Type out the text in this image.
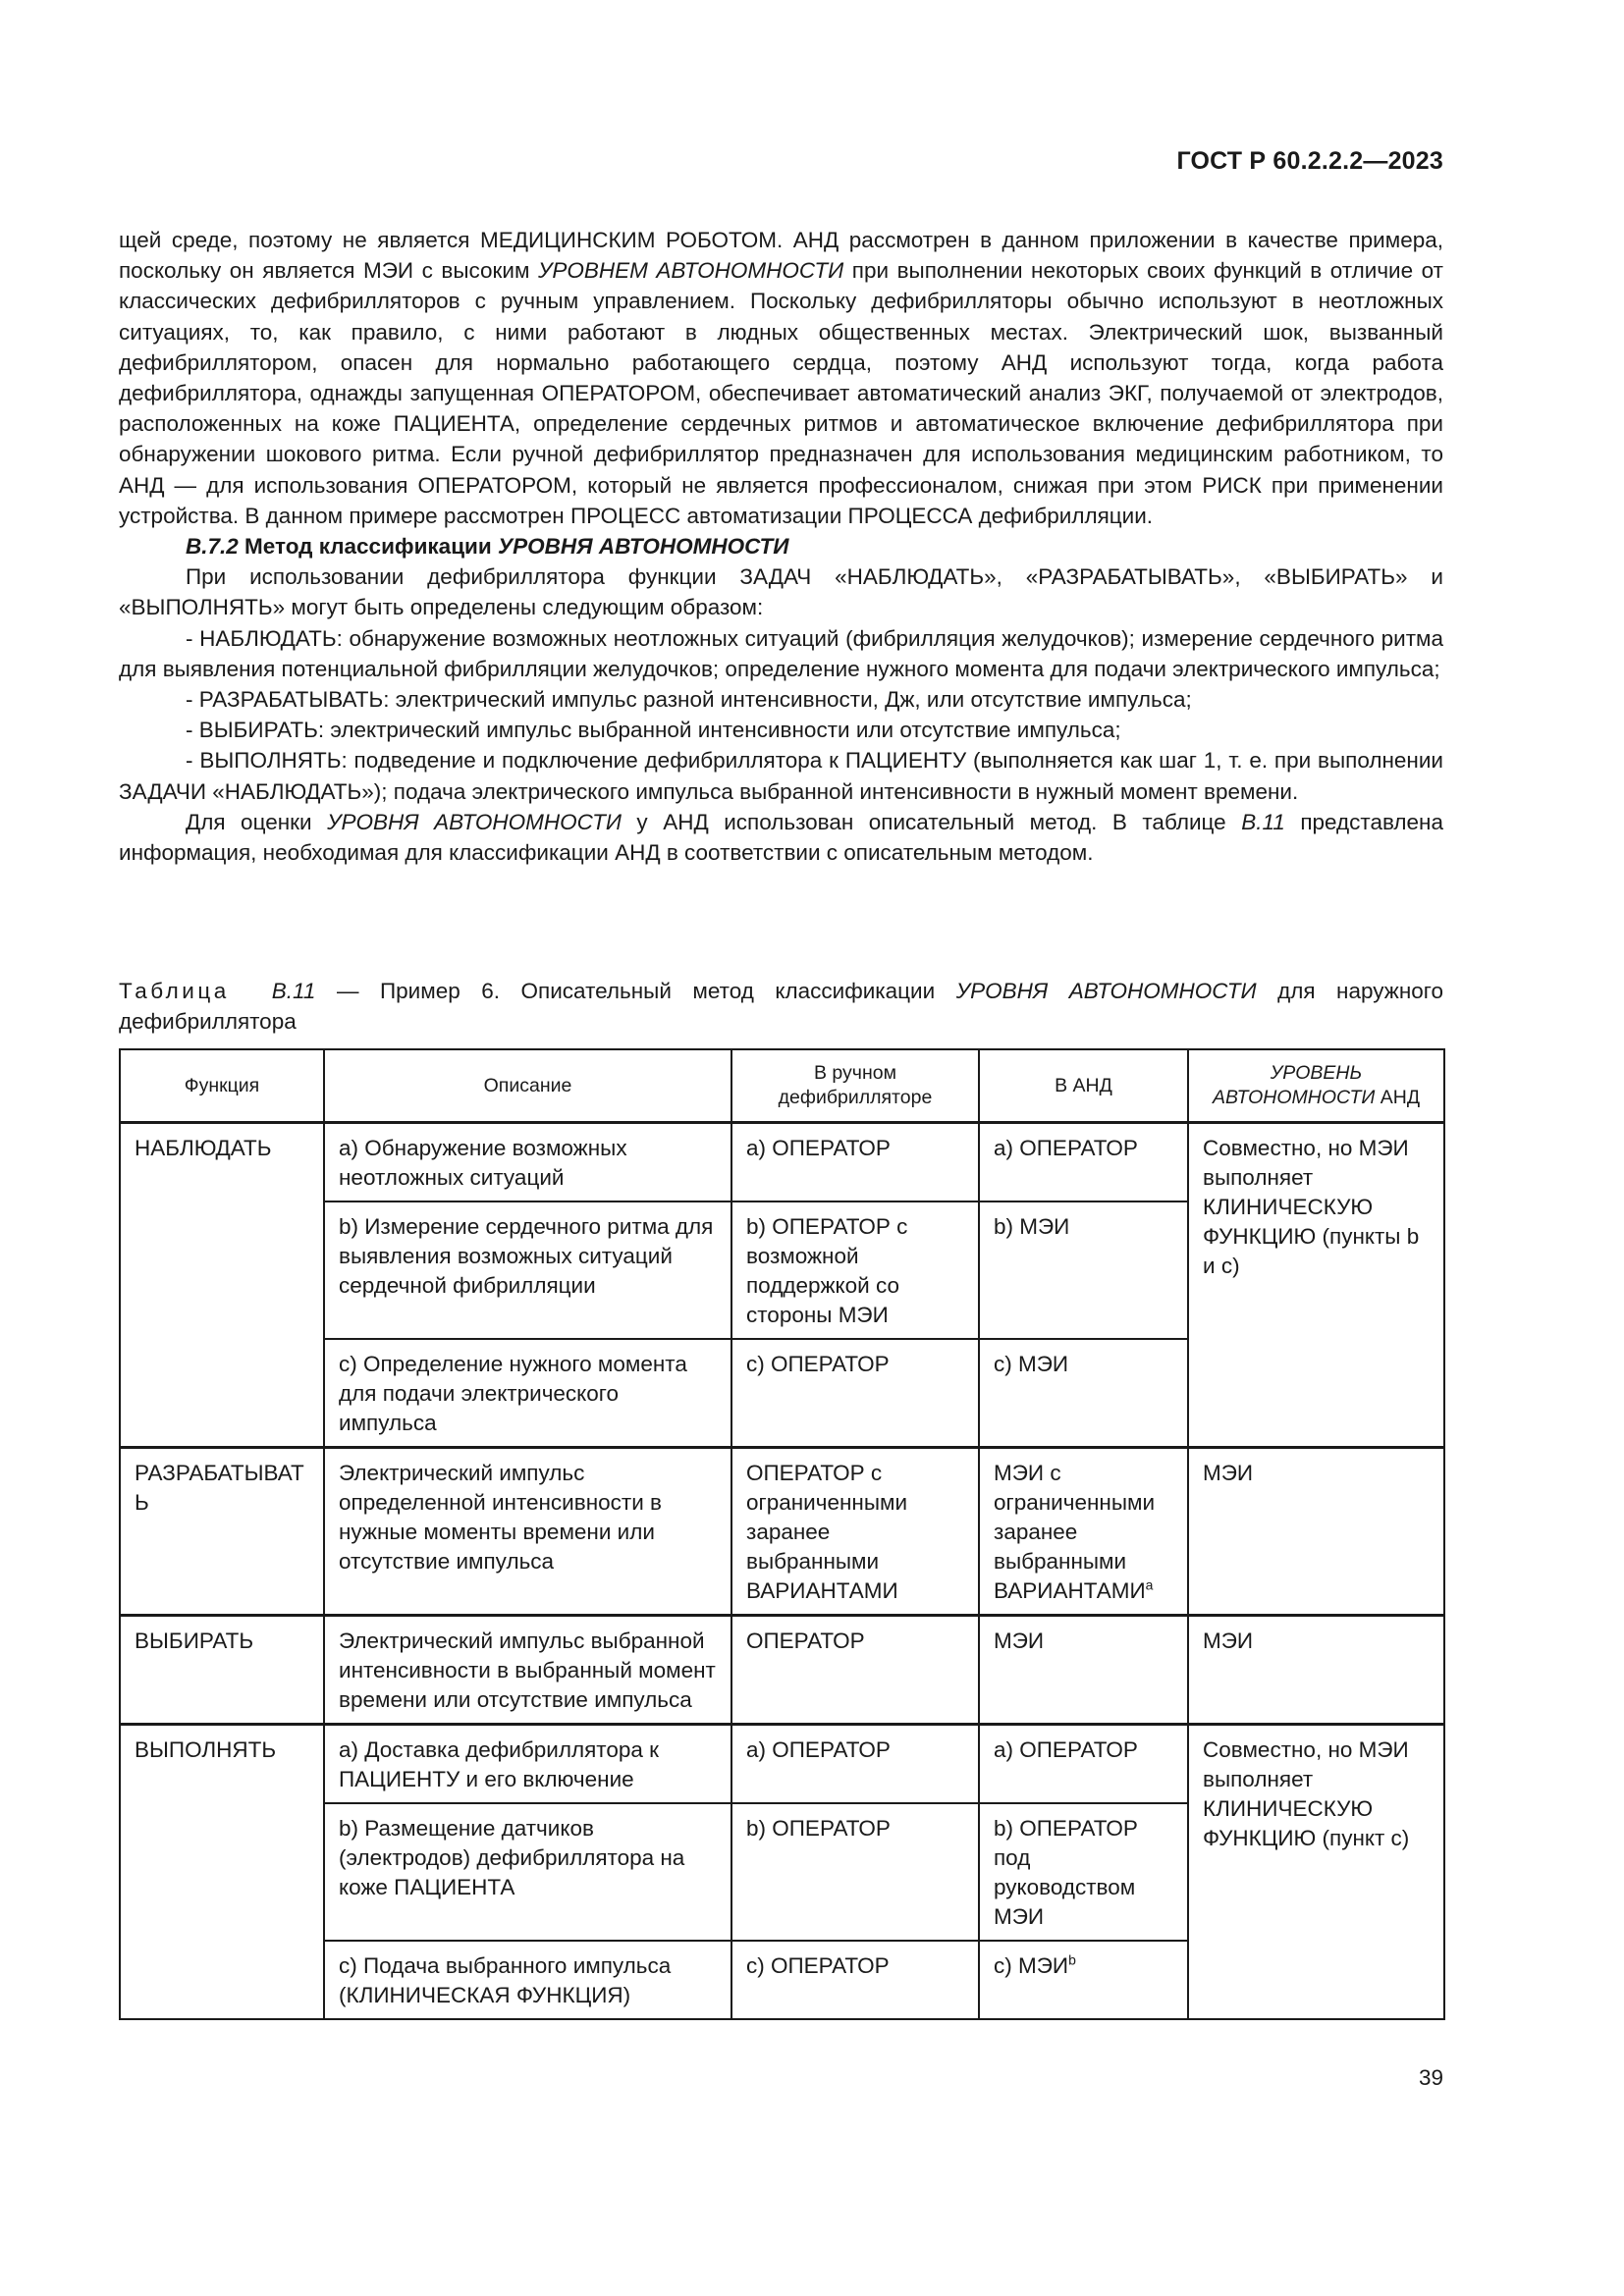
ГОСТ Р 60.2.2.2—2023

щей среде, поэтому не является МЕДИЦИНСКИМ РОБОТОМ. АНД рассмотрен в данном приложении в качестве примера, поскольку он является МЭИ с высоким УРОВНЕМ АВТОНОМНОСТИ при выполнении некоторых своих функций в отличие от классических дефибрилляторов с ручным управлением. Поскольку дефибрилляторы обычно используют в неотложных ситуациях, то, как правило, с ними работают в людных общественных местах. Электрический шок, вызванный дефибриллятором, опасен для нормально работающего сердца, поэтому АНД используют тогда, когда работа дефибриллятора, однажды запущенная ОПЕРАТОРОМ, обеспечивает автоматический анализ ЭКГ, получаемой от электродов, расположенных на коже ПАЦИЕНТА, определение сердечных ритмов и автоматическое включение дефибриллятора при обнаружении шокового ритма. Если ручной дефибриллятор предназначен для использования медицинским работником, то АНД — для использования ОПЕРАТОРОМ, который не является профессионалом, снижая при этом РИСК при применении устройства. В данном примере рассмотрен ПРОЦЕСС автоматизации ПРОЦЕССА дефибрилляции.

В.7.2 Метод классификации УРОВНЯ АВТОНОМНОСТИ

При использовании дефибриллятора функции ЗАДАЧ «НАБЛЮДАТЬ», «РАЗРАБАТЫВАТЬ», «ВЫБИРАТЬ» и «ВЫПОЛНЯТЬ» могут быть определены следующим образом:

- НАБЛЮДАТЬ: обнаружение возможных неотложных ситуаций (фибрилляция желудочков); измерение сердечного ритма для выявления потенциальной фибрилляции желудочков; определение нужного момента для подачи электрического импульса;

- РАЗРАБАТЫВАТЬ: электрический импульс разной интенсивности, Дж, или отсутствие импульса;

- ВЫБИРАТЬ: электрический импульс выбранной интенсивности или отсутствие импульса;

- ВЫПОЛНЯТЬ: подведение и подключение дефибриллятора к ПАЦИЕНТУ (выполняется как шаг 1, т. е. при выполнении ЗАДАЧИ «НАБЛЮДАТЬ»); подача электрического импульса выбранной интенсивности в нужный момент времени.

Для оценки УРОВНЯ АВТОНОМНОСТИ у АНД использован описательный метод. В таблице В.11 представлена информация, необходимая для классификации АНД в соответствии с описательным методом.

Таблица В.11 — Пример 6. Описательный метод классификации УРОВНЯ АВТОНОМНОСТИ для наружного дефибриллятора
Функция	Описание	В ручном дефибрилляторе	В АНД	УРОВЕНЬ АВТОНОМНОСТИ АНД
НАБЛЮДАТЬ	a) Обнаружение возможных неотложных ситуаций	a) ОПЕРАТОР	a) ОПЕРАТОР	Совместно, но МЭИ выполняет КЛИНИЧЕСКУЮ ФУНКЦИЮ (пункты b и c)
	b) Измерение сердечного ритма для выявления возможных ситуаций сердечной фибрилляции	b) ОПЕРАТОР с возможной поддержкой со стороны МЭИ	b) МЭИ	
	c) Определение нужного момента для подачи электрического импульса	c) ОПЕРАТОР	c) МЭИ	
РАЗРАБАТЫВАТЬ	Электрический импульс определенной интенсивности в нужные моменты времени или отсутствие импульса	ОПЕРАТОР с ограниченными заранее выбранными ВАРИАНТАМИ	МЭИ с ограниченными заранее выбранными ВАРИАНТАМИ$^a$	МЭИ
ВЫБИРАТЬ	Электрический импульс выбранной интенсивности в выбранный момент времени или отсутствие импульса	ОПЕРАТОР	МЭИ	МЭИ
ВЫПОЛНЯТЬ	a) Доставка дефибриллятора к ПАЦИЕНТУ и его включение	a) ОПЕРАТОР	a) ОПЕРАТОР	Совместно, но МЭИ выполняет КЛИНИЧЕСКУЮ ФУНКЦИЮ (пункт c)
	b) Размещение датчиков (электродов) дефибриллятора на коже ПАЦИЕНТА	b) ОПЕРАТОР	b) ОПЕРАТОР под руководством МЭИ	
	c) Подача выбранного импульса (КЛИНИЧЕСКАЯ ФУНКЦИЯ)	c) ОПЕРАТОР	c) МЭИ$^b$
39
